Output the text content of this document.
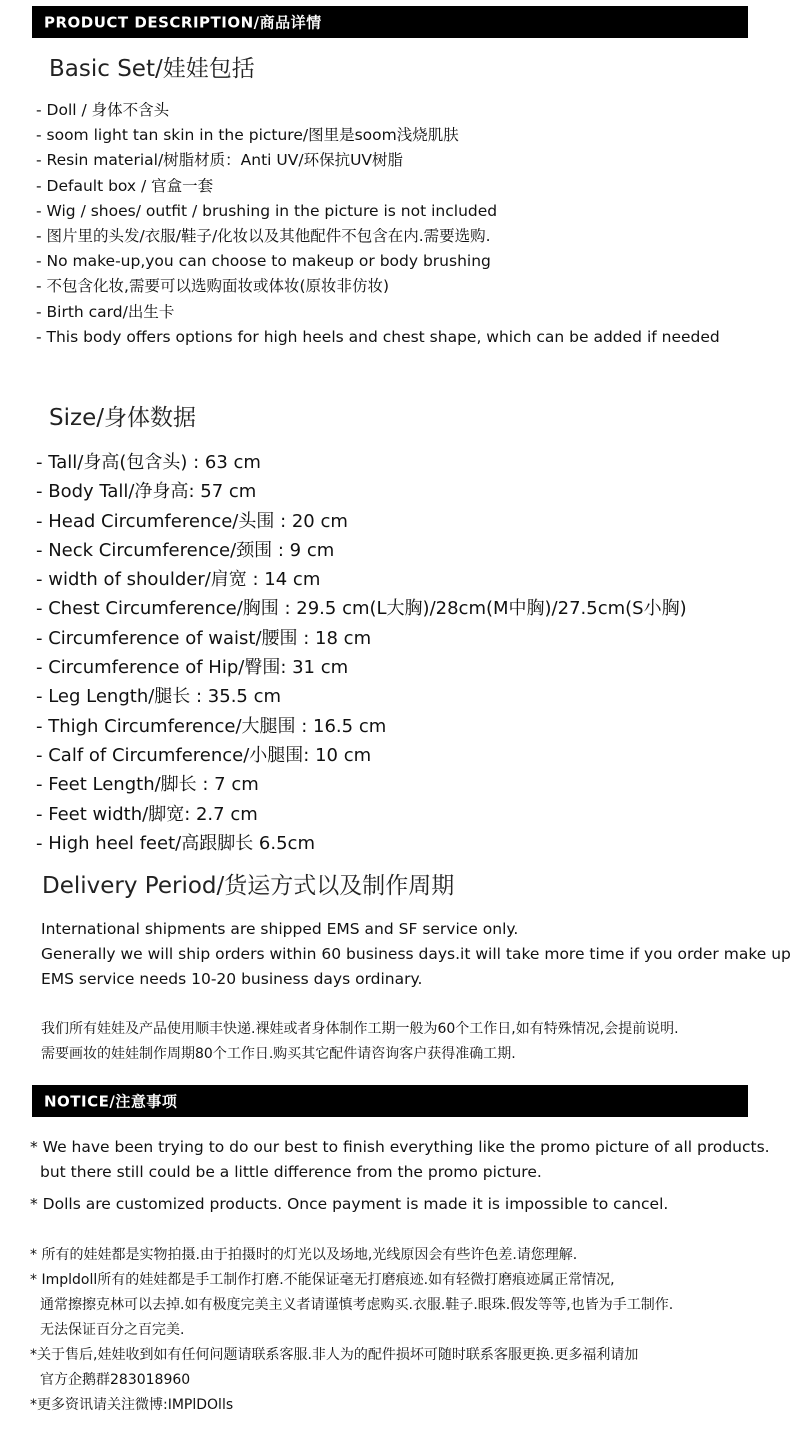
PRODUCT DESCRIPTION/商品详情
Basic Set/娃娃包括
- Doll / 身体不含头
- soom light tan skin in the picture/图里是soom浅烧肌肤
- Resin material/树脂材质：Anti UV/环保抗UV树脂
- Default box / 官盒一套
- Wig / shoes/ outfit / brushing in the picture is not included
- 图片里的头发/衣服/鞋子/化妆以及其他配件不包含在内.需要选购.
- No make-up,you can choose to makeup or body brushing
- 不包含化妆,需要可以选购面妆或体妆(原妆非仿妆)
- Birth card/出生卡
- This body offers options for high heels and chest shape, which can be added if needed
Size/身体数据
- Tall/身高(包含头) : 63 cm
- Body Tall/净身高: 57 cm
- Head Circumference/头围 : 20 cm
- Neck Circumference/颈围 : 9 cm
- width of shoulder/肩宽 : 14 cm
- Chest Circumference/胸围 : 29.5 cm(L大胸)/28cm(M中胸)/27.5cm(S小胸)
- Circumference of waist/腰围 : 18 cm
- Circumference of Hip/臀围: 31 cm
- Leg Length/腿长 : 35.5 cm
- Thigh Circumference/大腿围 : 16.5 cm
- Calf of Circumference/小腿围: 10 cm
- Feet Length/脚长 : 7 cm
- Feet width/脚宽: 2.7 cm
- High heel feet/高跟脚长 6.5cm
Delivery Period/货运方式以及制作周期
International shipments are shipped EMS and SF service only.
Generally we will ship orders within 60 business days.it will take more time if you order make up
EMS service needs 10-20 business days ordinary.
我们所有娃娃及产品使用顺丰快递.裸娃或者身体制作工期一般为60个工作日,如有特殊情况,会提前说明.
需要画妆的娃娃制作周期80个工作日.购买其它配件请咨询客户获得准确工期.
NOTICE/注意事项
* We have been trying to do our best to finish everything like the promo picture of all products.
but there still could be a little difference from the promo picture.
* Dolls are customized products. Once payment is made it is impossible to cancel.
* 所有的娃娃都是实物拍摄.由于拍摄时的灯光以及场地,光线原因会有些许色差.请您理解.
* Impldoll所有的娃娃都是手工制作打磨.不能保证毫无打磨痕迹.如有轻微打磨痕迹属正常情况,
通常擦擦克林可以去掉.如有极度完美主义者请谨慎考虑购买.衣服.鞋子.眼珠.假发等等,也皆为手工制作.
无法保证百分之百完美.
*关于售后,娃娃收到如有任何问题请联系客服.非人为的配件损坏可随时联系客服更换.更多福利请加
官方企鹅群283018960
*更多资讯请关注微博:IMPlDOlls
